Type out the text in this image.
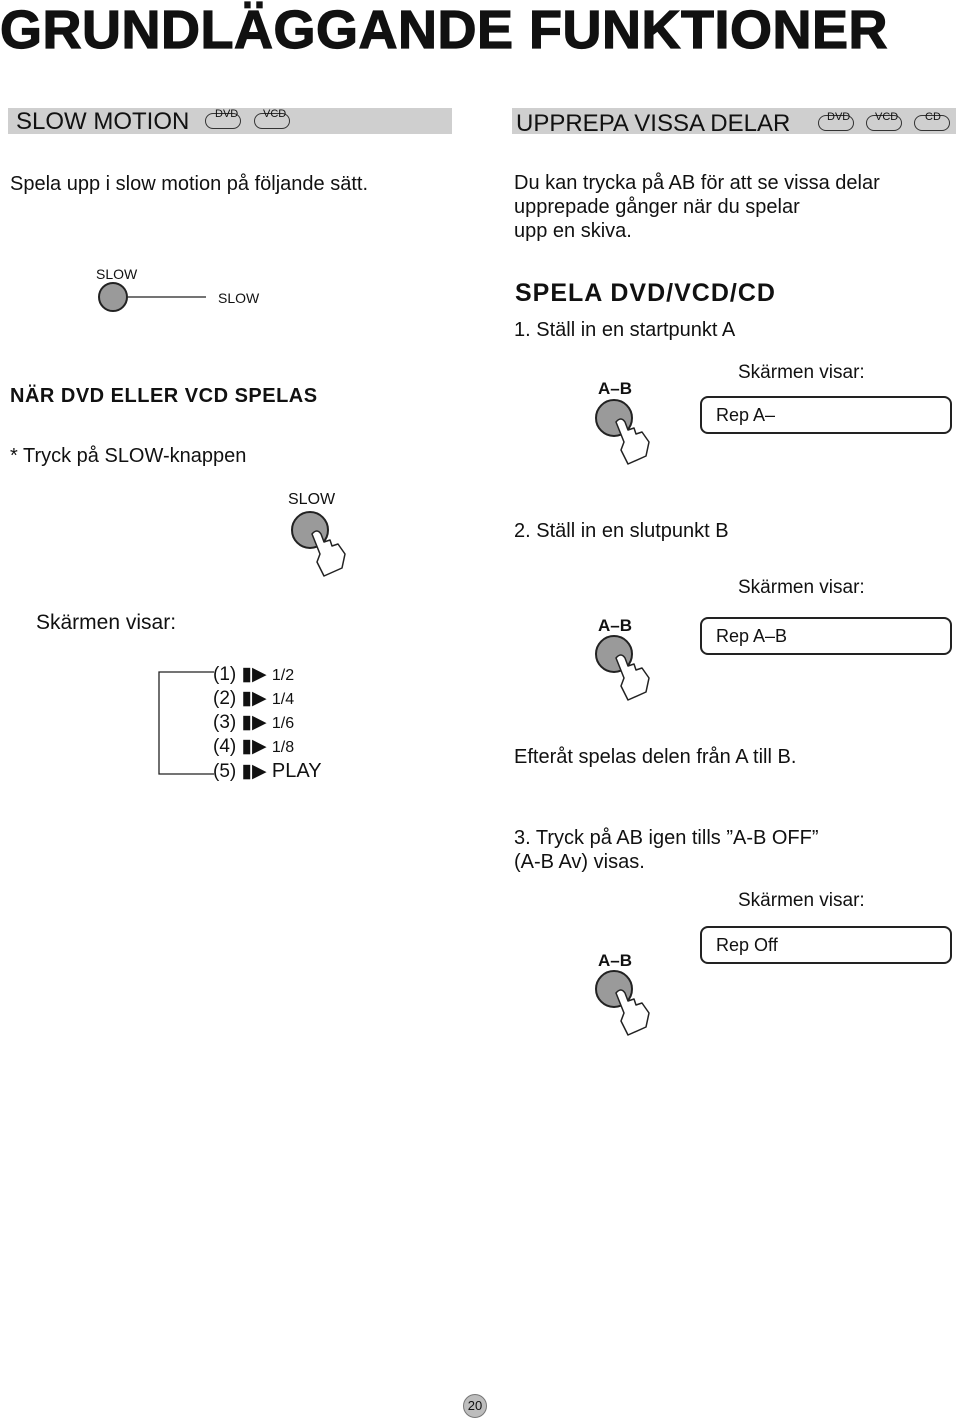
GRUNDLÄGGANDE FUNKTIONER
SLOW MOTION DVD VCD
Spela upp i slow motion på följande sätt.
SLOW
SLOW
NÄR DVD ELLER VCD SPELAS
* Tryck på SLOW-knappen
SLOW
Skärmen visar:
(1) ▮▶ 1/2
(2) ▮▶ 1/4
(3) ▮▶ 1/6
(4) ▮▶ 1/8
(5) ▮▶ PLAY
UPPREPA VISSA DELAR	DVD VCD CD
Du kan trycka på AB för att se vissa delar
upprepade gånger när du spelar
upp en skiva.
SPELA DVD/VCD/CD
1. Ställ in en startpunkt A
A–B
Skärmen visar:
Rep A–
2. Ställ in en slutpunkt B
Skärmen visar:
A–B
Rep A–B
Efteråt spelas delen från A till B.
3. Tryck på AB igen tills ”A-B OFF”
(A-B Av) visas.
Skärmen visar:
Rep Off
A–B
20
